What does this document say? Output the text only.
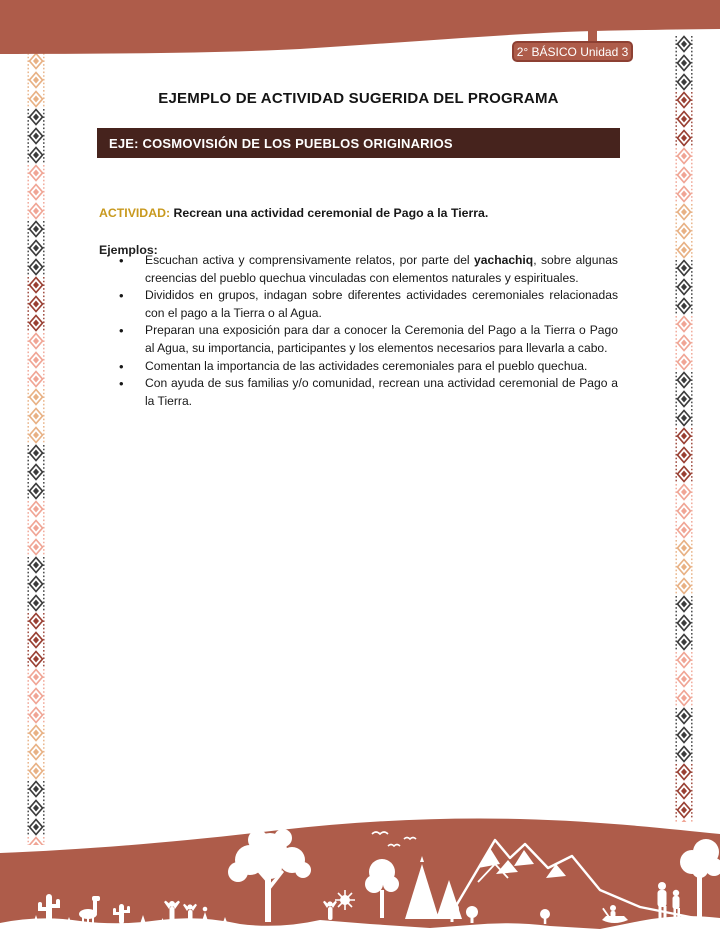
2° BÁSICO Unidad 3
EJEMPLO DE ACTIVIDAD SUGERIDA DEL PROGRAMA
EJE: COSMOVISIÓN DE LOS PUEBLOS ORIGINARIOS
ACTIVIDAD: Recrean una actividad ceremonial de Pago a la Tierra.
Ejemplos:
• Escuchan activa y comprensivamente relatos, por parte del yachachiq, sobre algunas creencias del pueblo quechua vinculadas con elementos naturales y espirituales.
• Divididos en grupos, indagan sobre diferentes actividades ceremoniales relacionadas con el pago a la Tierra o al Agua.
• Preparan una exposición para dar a conocer la Ceremonia del Pago a la Tierra o Pago al Agua, su importancia, participantes y los elementos necesarios para llevarla a cabo.
• Comentan la importancia de las actividades ceremoniales para el pueblo quechua.
• Con ayuda de sus familias y/o comunidad, recrean una actividad ceremonial de Pago a la Tierra.
